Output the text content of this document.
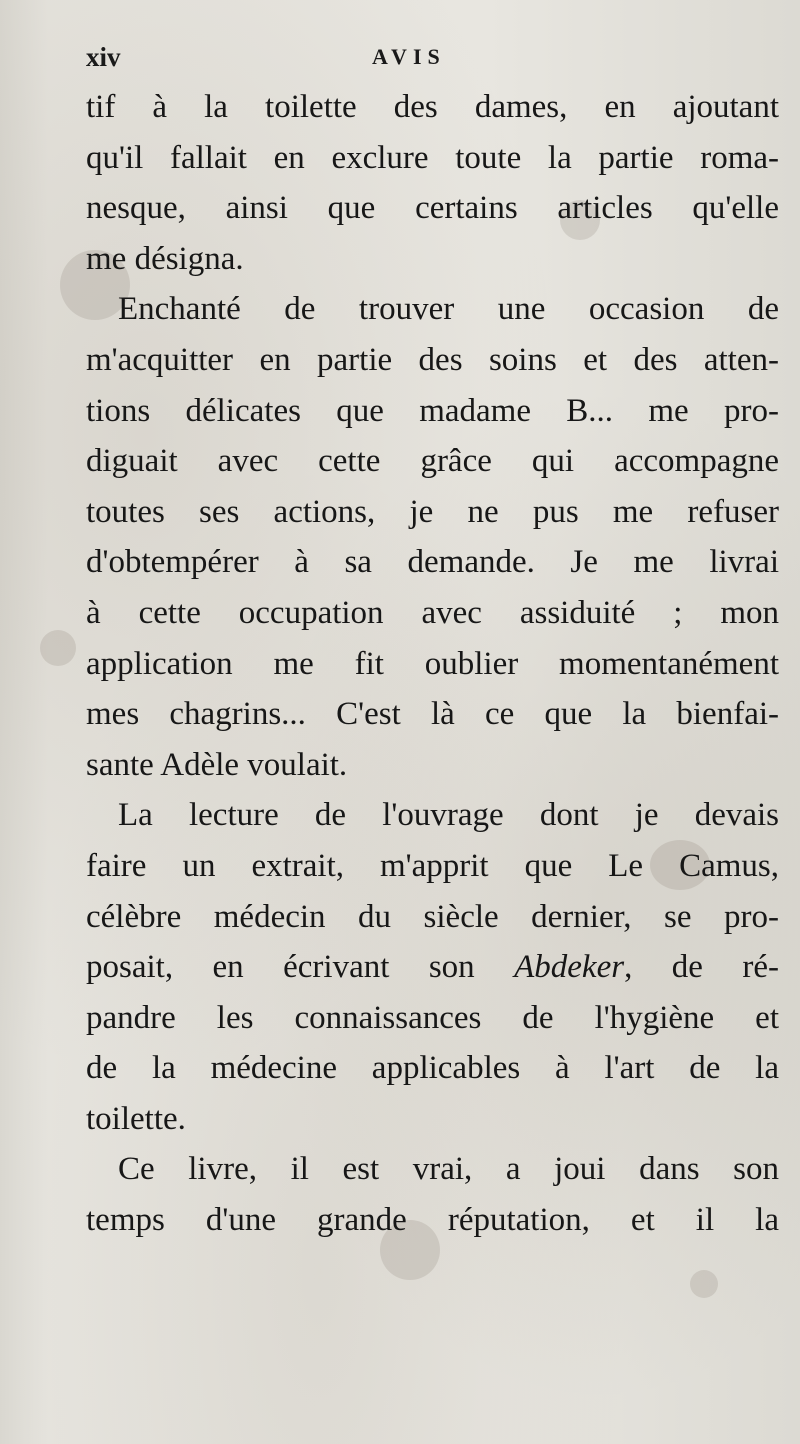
xiv	AVIS
tif à la toilette des dames, en ajoutant
qu'il fallait en exclure toute la partie roma-
nesque, ainsi que certains articles qu'elle
me désigna.
Enchanté de trouver une occasion de
m'acquitter en partie des soins et des atten-
tions délicates que madame B... me pro-
diguait avec cette grâce qui accompagne
toutes ses actions, je ne pus me refuser
d'obtempérer à sa demande. Je me livrai
à cette occupation avec assiduité ; mon
application me fit oublier momentanément
mes chagrins... C'est là ce que la bienfai-
sante Adèle voulait.
La lecture de l'ouvrage dont je devais
faire un extrait, m'apprit que Le Camus,
célèbre médecin du siècle dernier, se pro-
posait, en écrivant son Abdeker, de ré-
pandre les connaissances de l'hygiène et
de la médecine applicables à l'art de la
toilette.
Ce livre, il est vrai, a joui dans son
temps d'une grande réputation, et il la
